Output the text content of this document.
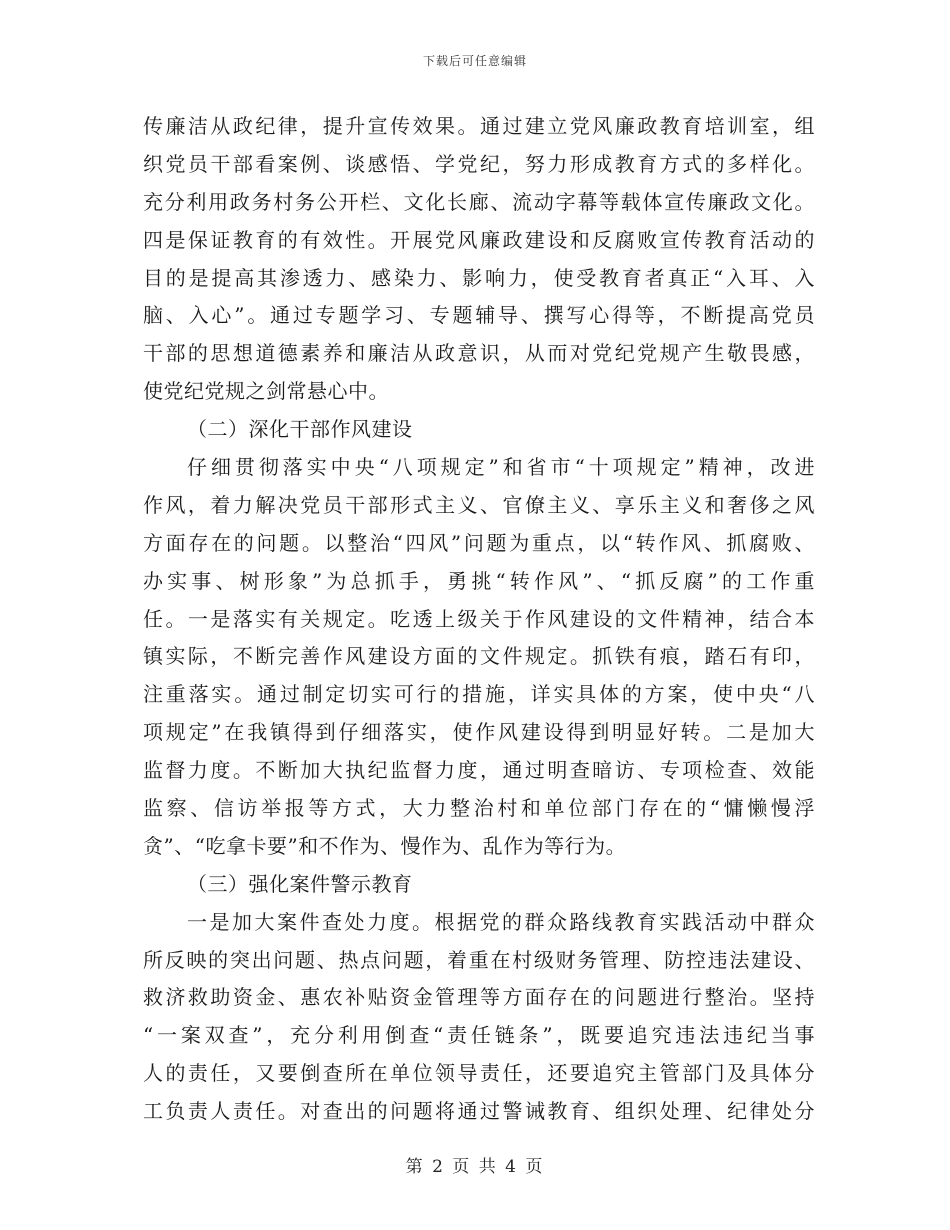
下载后可任意编辑
传廉洁从政纪律，提升宣传效果。通过建立党风廉政教育培训室，组
织党员干部看案例、谈感悟、学党纪，努力形成教育方式的多样化。
充分利用政务村务公开栏、文化长廊、流动字幕等载体宣传廉政文化。
四是保证教育的有效性。开展党风廉政建设和反腐败宣传教育活动的
目的是提高其渗透力、感染力、影响力，使受教育者真正“入耳、入
脑、入心”。通过专题学习、专题辅导、撰写心得等，不断提高党员
干部的思想道德素养和廉洁从政意识，从而对党纪党规产生敬畏感，
使党纪党规之剑常悬心中。
（二）深化干部作风建设
仔细贯彻落实中央“八项规定”和省市“十项规定”精神，改进
作风，着力解决党员干部形式主义、官僚主义、享乐主义和奢侈之风
方面存在的问题。以整治“四风”问题为重点，以“转作风、抓腐败、
办实事、树形象”为总抓手，勇挑“转作风”、“抓反腐”的工作重
任。一是落实有关规定。吃透上级关于作风建设的文件精神，结合本
镇实际，不断完善作风建设方面的文件规定。抓铁有痕，踏石有印，
注重落实。通过制定切实可行的措施，详实具体的方案，使中央“八
项规定”在我镇得到仔细落实，使作风建设得到明显好转。二是加大
监督力度。不断加大执纪监督力度，通过明查暗访、专项检查、效能
监察、信访举报等方式，大力整治村和单位部门存在的“慵懒慢浮
贪”、“吃拿卡要”和不作为、慢作为、乱作为等行为。
（三）强化案件警示教育
一是加大案件查处力度。根据党的群众路线教育实践活动中群众
所反映的突出问题、热点问题，着重在村级财务管理、防控违法建设、
救济救助资金、惠农补贴资金管理等方面存在的问题进行整治。坚持
“一案双查”，充分利用倒查“责任链条”，既要追究违法违纪当事
人的责任，又要倒查所在单位领导责任，还要追究主管部门及具体分
工负责人责任。对查出的问题将通过警诫教育、组织处理、纪律处分
第 2 页 共 4 页
